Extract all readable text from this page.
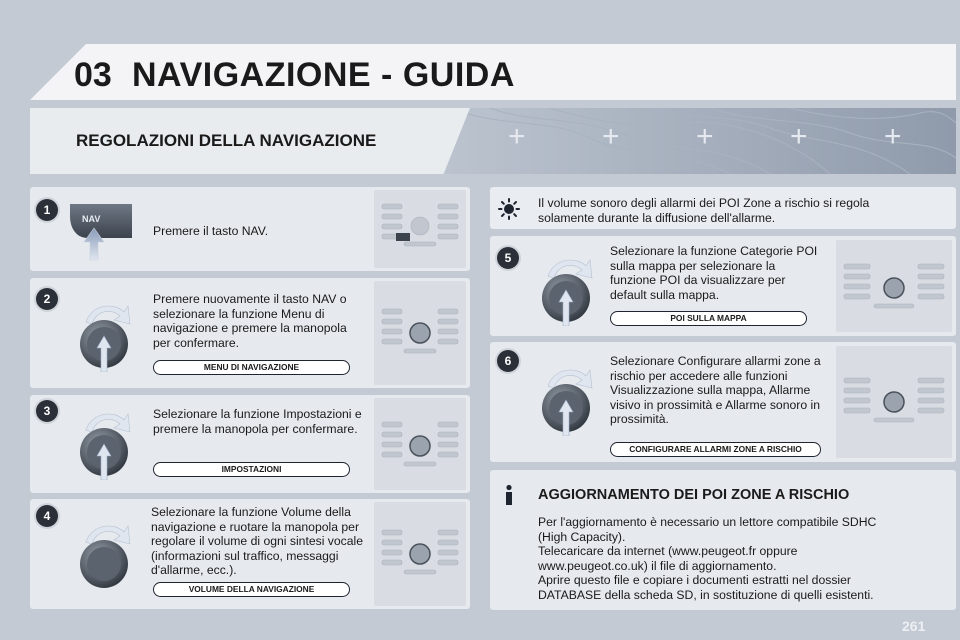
03 NAVIGAZIONE - GUIDA
REGOLAZIONI DELLA NAVIGAZIONE	+	+	+	+	+
1
NAV
Premere il tasto NAV.
2	Premere nuovamente il tasto NAV o selezionare la funzione Menu di navigazione e premere la manopola per confermare.
MENU DI NAVIGAZIONE
3	Selezionare la funzione Impostazioni e premere la manopola per confermare.
IMPOSTAZIONI
4	Selezionare la funzione Volume della navigazione e ruotare la manopola per regolare il volume di ogni sintesi vocale (informazioni sul traffico, messaggi d'allarme, ecc.).
VOLUME DELLA NAVIGAZIONE
Il volume sonoro degli allarmi dei POI Zone a rischio si regola solamente durante la diffusione dell'allarme.
5	Selezionare la funzione Categorie POI sulla mappa per selezionare la funzione POI da visualizzare per default sulla mappa.
POI SULLA MAPPA
6	Selezionare Configurare allarmi zone a rischio per accedere alle funzioni Visualizzazione sulla mappa, Allarme visivo in prossimità e Allarme sonoro in prossimità.
CONFIGURARE ALLARMI ZONE A RISCHIO
AGGIORNAMENTO DEI POI ZONE A RISCHIO
Per l'aggiornamento è necessario un lettore compatibile SDHC (High Capacity).
Telecaricare da internet (www.peugeot.fr oppure www.peugeot.co.uk) il file di aggiornamento.
Aprire questo file e copiare i documenti estratti nel dossier DATABASE della scheda SD, in sostituzione di quelli esistenti.
261
